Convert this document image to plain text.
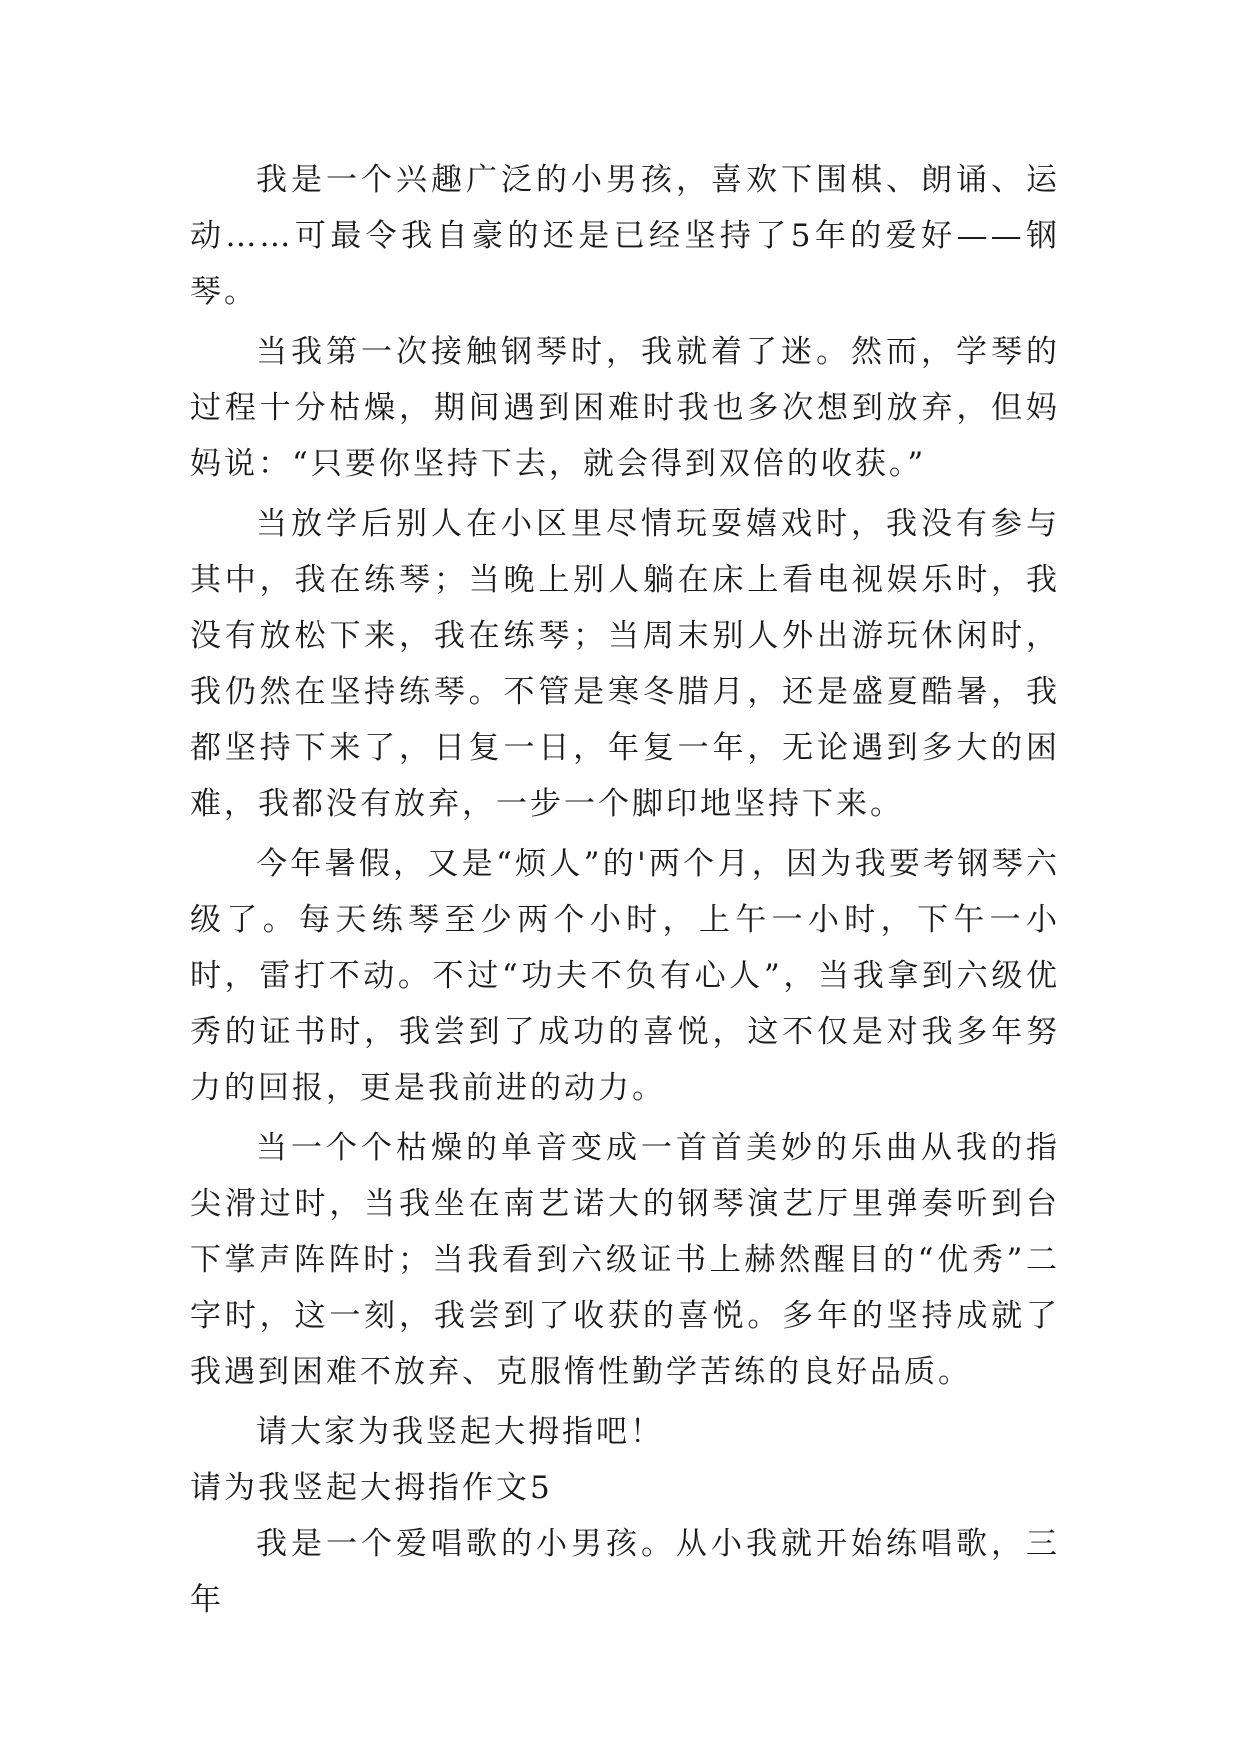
我是一个兴趣广泛的小男孩，喜欢下围棋、朗诵、运动……可最令我自豪的还是已经坚持了5年的爱好——钢琴。

当我第一次接触钢琴时，我就着了迷。然而，学琴的过程十分枯燥，期间遇到困难时我也多次想到放弃，但妈妈说：“只要你坚持下去，就会得到双倍的收获。”

当放学后别人在小区里尽情玩耍嬉戏时，我没有参与其中，我在练琴；当晚上别人躺在床上看电视娱乐时，我没有放松下来，我在练琴；当周末别人外出游玩休闲时，我仍然在坚持练琴。不管是寒冬腊月，还是盛夏酷暑，我都坚持下来了，日复一日，年复一年，无论遇到多大的困难，我都没有放弃，一步一个脚印地坚持下来。

今年暑假，又是“烦人”的'两个月，因为我要考钢琴六级了。每天练琴至少两个小时，上午一小时，下午一小时，雷打不动。不过“功夫不负有心人”，当我拿到六级优秀的证书时，我尝到了成功的喜悦，这不仅是对我多年努力的回报，更是我前进的动力。

当一个个枯燥的单音变成一首首美妙的乐曲从我的指尖滑过时，当我坐在南艺诺大的钢琴演艺厅里弹奏听到台下掌声阵阵时；当我看到六级证书上赫然醒目的“优秀”二字时，这一刻，我尝到了收获的喜悦。多年的坚持成就了我遇到困难不放弃、克服惰性勤学苦练的良好品质。

请大家为我竖起大拇指吧！

请为我竖起大拇指作文5

我是一个爱唱歌的小男孩。从小我就开始练唱歌，三年
